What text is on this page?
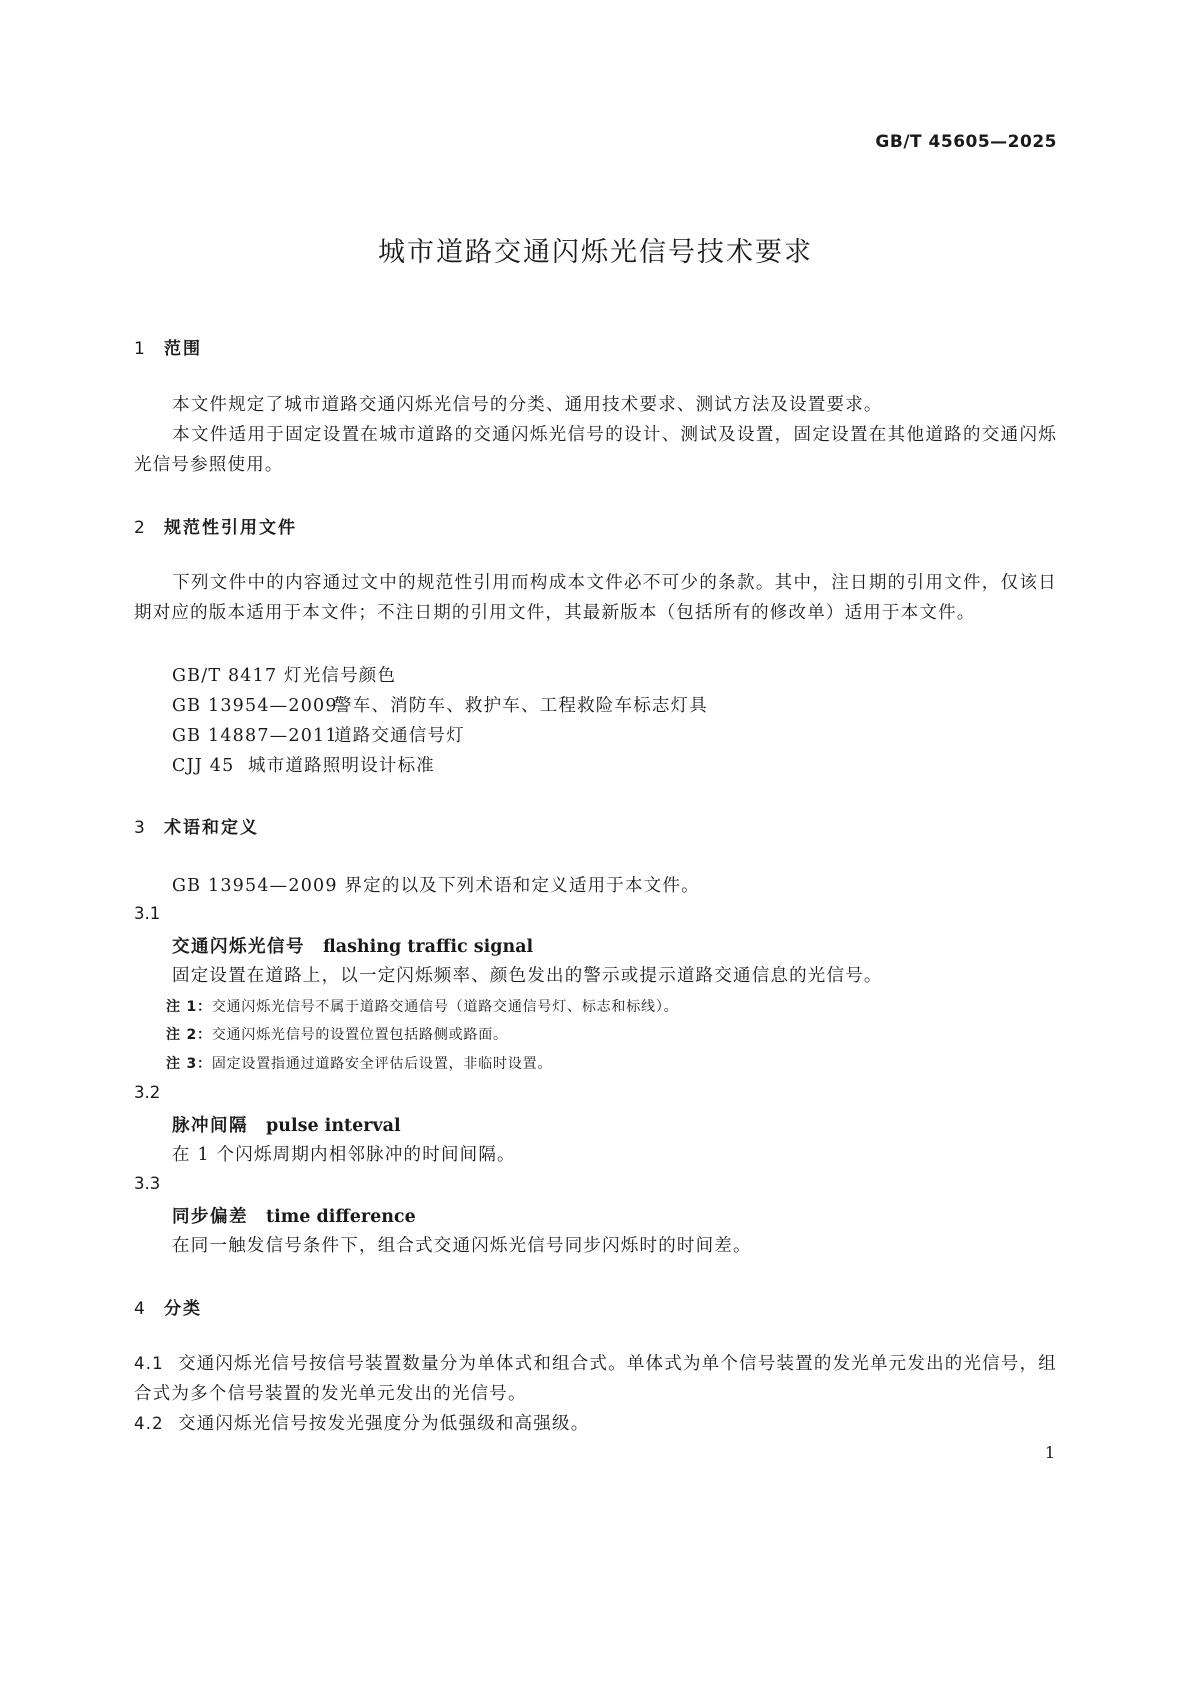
GB/T 45605—2025
城市道路交通闪烁光信号技术要求
1 范围
本文件规定了城市道路交通闪烁光信号的分类、通用技术要求、测试方法及设置要求。
本文件适用于固定设置在城市道路的交通闪烁光信号的设计、测试及设置，固定设置在其他道路的交通闪烁光信号参照使用。
2 规范性引用文件
下列文件中的内容通过文中的规范性引用而构成本文件必不可少的条款。其中，注日期的引用文件，仅该日期对应的版本适用于本文件；不注日期的引用文件，其最新版本（包括所有的修改单）适用于本文件。
GB/T 8417 灯光信号颜色
GB 13954—2009警车、消防车、救护车、工程救险车标志灯具
GB 14887—2011道路交通信号灯
CJJ 45 城市道路照明设计标准
3 术语和定义
GB 13954—2009 界定的以及下列术语和定义适用于本文件。
3.1
交通闪烁光信号 flashing traffic signal
固定设置在道路上，以一定闪烁频率、颜色发出的警示或提示道路交通信息的光信号。
注 1：交通闪烁光信号不属于道路交通信号（道路交通信号灯、标志和标线）。
注 2：交通闪烁光信号的设置位置包括路侧或路面。
注 3：固定设置指通过道路安全评估后设置，非临时设置。
3.2
脉冲间隔 pulse interval
在 1 个闪烁周期内相邻脉冲的时间间隔。
3.3
同步偏差 time difference
在同一触发信号条件下，组合式交通闪烁光信号同步闪烁时的时间差。
4 分类
4.1 交通闪烁光信号按信号装置数量分为单体式和组合式。单体式为单个信号装置的发光单元发出的光信号，组合式为多个信号装置的发光单元发出的光信号。
4.2 交通闪烁光信号按发光强度分为低强级和高强级。
1
